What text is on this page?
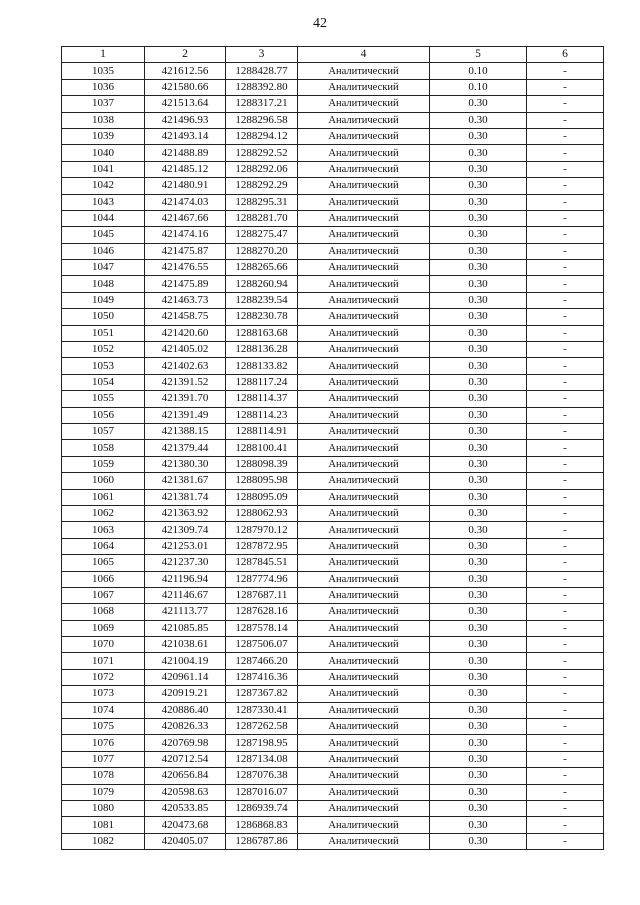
42
1	2	3	4	5	6
1035	421612.56	1288428.77	Аналитический	0.10	-
1036	421580.66	1288392.80	Аналитический	0.10	-
1037	421513.64	1288317.21	Аналитический	0.30	-
1038	421496.93	1288296.58	Аналитический	0.30	-
1039	421493.14	1288294.12	Аналитический	0.30	-
1040	421488.89	1288292.52	Аналитический	0.30	-
1041	421485.12	1288292.06	Аналитический	0.30	-
1042	421480.91	1288292.29	Аналитический	0.30	-
1043	421474.03	1288295.31	Аналитический	0.30	-
1044	421467.66	1288281.70	Аналитический	0.30	-
1045	421474.16	1288275.47	Аналитический	0.30	-
1046	421475.87	1288270.20	Аналитический	0.30	-
1047	421476.55	1288265.66	Аналитический	0.30	-
1048	421475.89	1288260.94	Аналитический	0.30	-
1049	421463.73	1288239.54	Аналитический	0.30	-
1050	421458.75	1288230.78	Аналитический	0.30	-
1051	421420.60	1288163.68	Аналитический	0.30	-
1052	421405.02	1288136.28	Аналитический	0.30	-
1053	421402.63	1288133.82	Аналитический	0.30	-
1054	421391.52	1288117.24	Аналитический	0.30	-
1055	421391.70	1288114.37	Аналитический	0.30	-
1056	421391.49	1288114.23	Аналитический	0.30	-
1057	421388.15	1288114.91	Аналитический	0.30	-
1058	421379.44	1288100.41	Аналитический	0.30	-
1059	421380.30	1288098.39	Аналитический	0.30	-
1060	421381.67	1288095.98	Аналитический	0.30	-
1061	421381.74	1288095.09	Аналитический	0.30	-
1062	421363.92	1288062.93	Аналитический	0.30	-
1063	421309.74	1287970.12	Аналитический	0.30	-
1064	421253.01	1287872.95	Аналитический	0.30	-
1065	421237.30	1287845.51	Аналитический	0.30	-
1066	421196.94	1287774.96	Аналитический	0.30	-
1067	421146.67	1287687.11	Аналитический	0.30	-
1068	421113.77	1287628.16	Аналитический	0.30	-
1069	421085.85	1287578.14	Аналитический	0.30	-
1070	421038.61	1287506.07	Аналитический	0.30	-
1071	421004.19	1287466.20	Аналитический	0.30	-
1072	420961.14	1287416.36	Аналитический	0.30	-
1073	420919.21	1287367.82	Аналитический	0.30	-
1074	420886.40	1287330.41	Аналитический	0.30	-
1075	420826.33	1287262.58	Аналитический	0.30	-
1076	420769.98	1287198.95	Аналитический	0.30	-
1077	420712.54	1287134.08	Аналитический	0.30	-
1078	420656.84	1287076.38	Аналитический	0.30	-
1079	420598.63	1287016.07	Аналитический	0.30	-
1080	420533.85	1286939.74	Аналитический	0.30	-
1081	420473.68	1286868.83	Аналитический	0.30	-
1082	420405.07	1286787.86	Аналитический	0.30	-
